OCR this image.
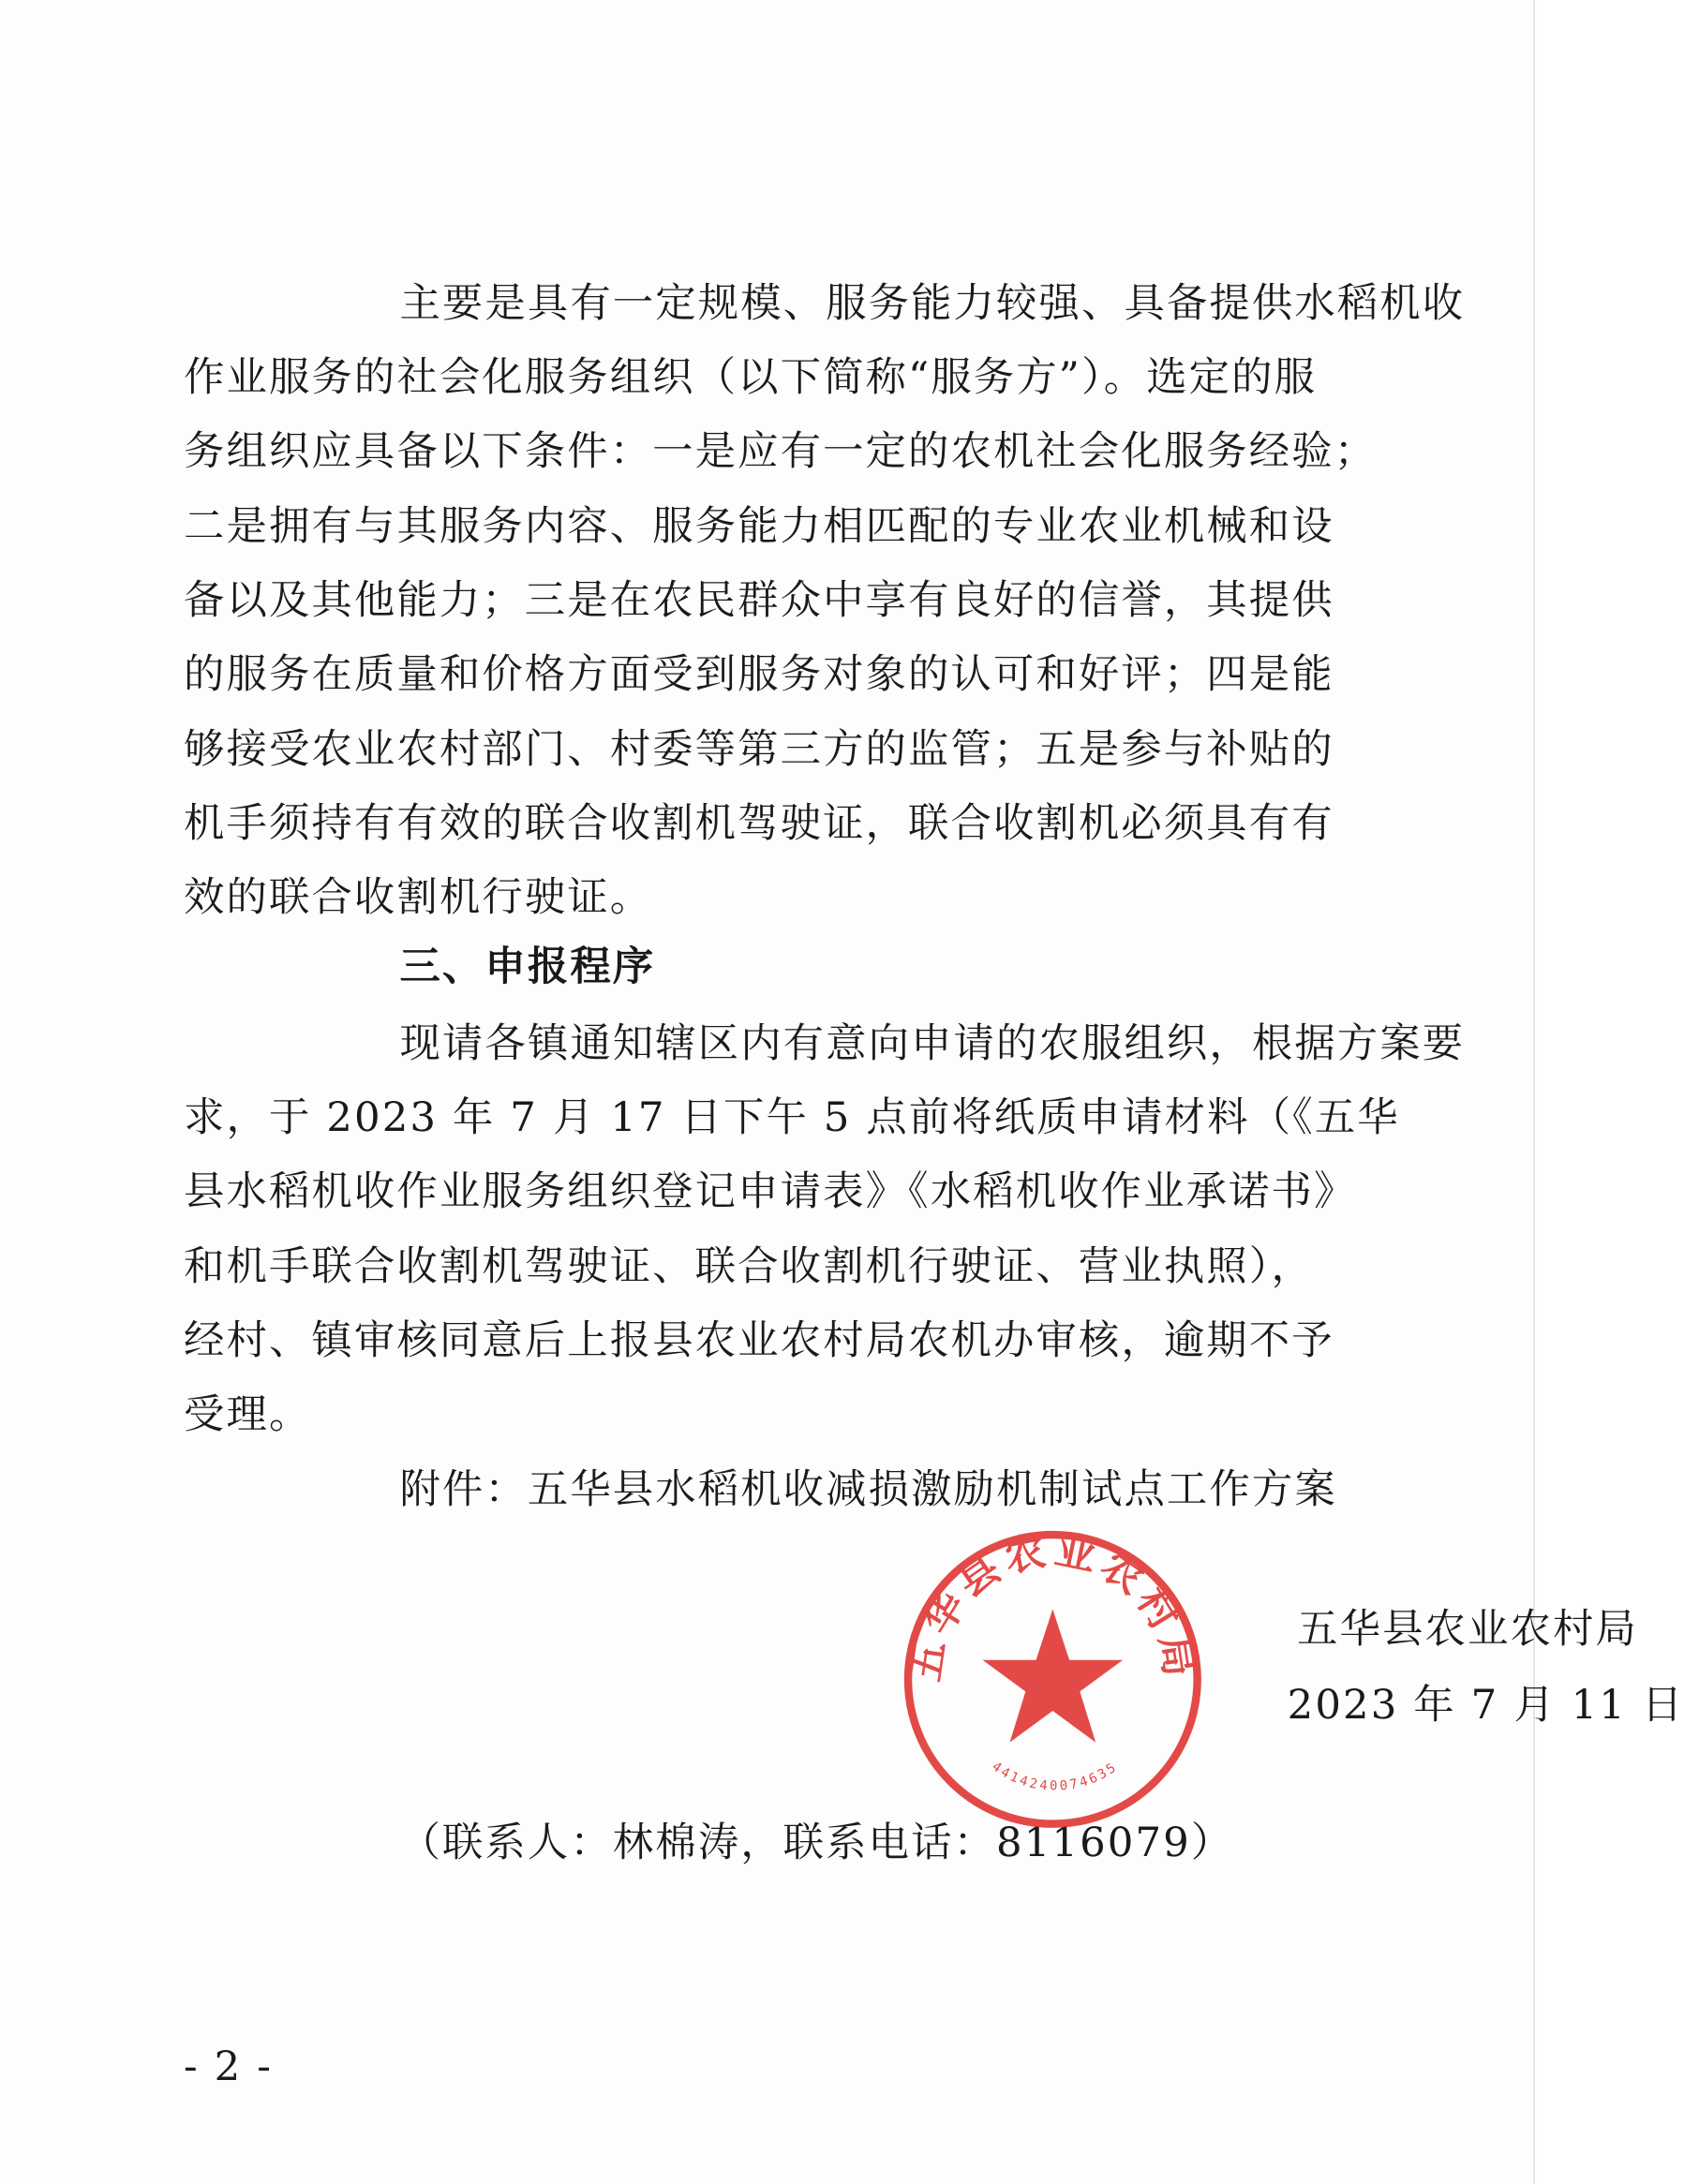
主要是具有一定规模、服务能力较强、具备提供水稻机收
作业服务的社会化服务组织（以下简称“服务方”）。选定的服
务组织应具备以下条件：一是应有一定的农机社会化服务经验；
二是拥有与其服务内容、服务能力相匹配的专业农业机械和设
备以及其他能力；三是在农民群众中享有良好的信誉，其提供
的服务在质量和价格方面受到服务对象的认可和好评；四是能
够接受农业农村部门、村委等第三方的监管；五是参与补贴的
机手须持有有效的联合收割机驾驶证，联合收割机必须具有有
效的联合收割机行驶证。
三、申报程序
现请各镇通知辖区内有意向申请的农服组织，根据方案要
求，于 2023 年 7 月 17 日下午 5 点前将纸质申请材料（《五华
县水稻机收作业服务组织登记申请表》《水稻机收作业承诺书》
和机手联合收割机驾驶证、联合收割机行驶证、营业执照），
经村、镇审核同意后上报县农业农村局农机办审核，逾期不予
受理。
附件：五华县水稻机收减损激励机制试点工作方案
五华县农业农村局
4414240074635
五华县农业农村局
2023 年 7 月 11 日
（联系人：林棉涛，联系电话：8116079）
- 2 -
